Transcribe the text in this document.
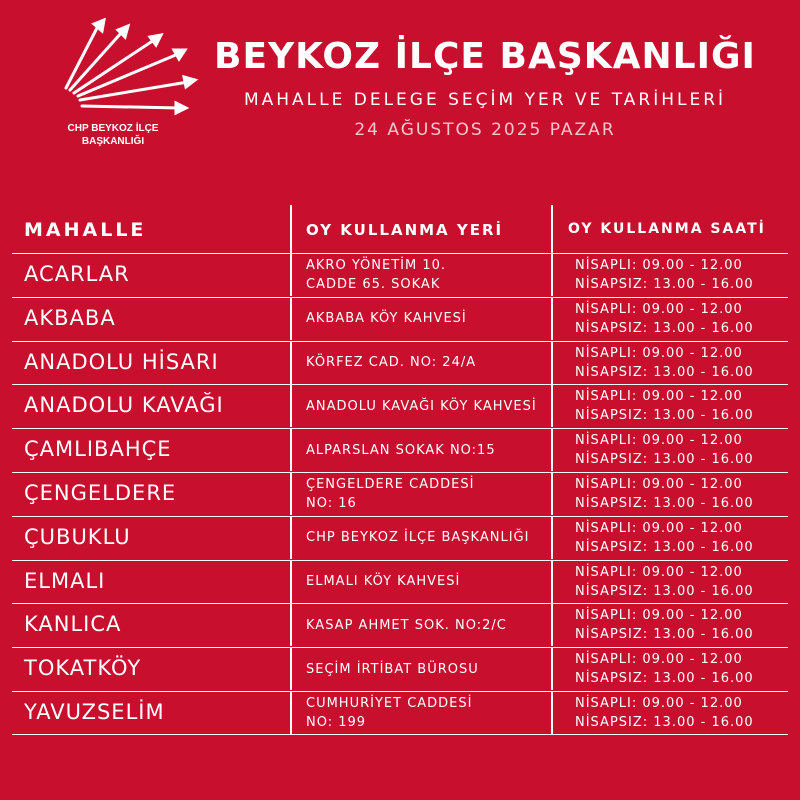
CHP BEYKOZ İLÇE
BAŞKANLIĞI
BEYKOZ İLÇE BAŞKANLIĞI
MAHALLE DELEGE SEÇİM YER VE TARİHLERİ
24 AĞUSTOS 2025 PAZAR
MAHALLE	OY KULLANMA YERİ	OY KULLANMA SAATİ
ACARLAR	AKRO YÖNETİM 10.
CADDE 65. SOKAK
NİSAPLI: 09.00 - 12.00
NİSAPSIZ: 13.00 - 16.00
AKBABA	AKBABA KÖY KAHVESİ
NİSAPLI: 09.00 - 12.00
NİSAPSIZ: 13.00 - 16.00
ANADOLU HİSARI	KÖRFEZ CAD. NO: 24/A
NİSAPLI: 09.00 - 12.00
NİSAPSIZ: 13.00 - 16.00
ANADOLU KAVAĞI	ANADOLU KAVAĞI KÖY KAHVESİ
NİSAPLI: 09.00 - 12.00
NİSAPSIZ: 13.00 - 16.00
ÇAMLIBAHÇE	ALPARSLAN SOKAK NO:15
NİSAPLI: 09.00 - 12.00
NİSAPSIZ: 13.00 - 16.00
ÇENGELDERE	ÇENGELDERE CADDESİ
NO: 16
NİSAPLI: 09.00 - 12.00
NİSAPSIZ: 13.00 - 16.00
ÇUBUKLU	CHP BEYKOZ İLÇE BAŞKANLIĞI
NİSAPLI: 09.00 - 12.00
NİSAPSIZ: 13.00 - 16.00
ELMALI	ELMALI KÖY KAHVESİ
NİSAPLI: 09.00 - 12.00
NİSAPSIZ: 13.00 - 16.00
KANLICA	KASAP AHMET SOK. NO:2/C
NİSAPLI: 09.00 - 12.00
NİSAPSIZ: 13.00 - 16.00
TOKATKÖY	SEÇİM İRTİBAT BÜROSU
NİSAPLI: 09.00 - 12.00
NİSAPSIZ: 13.00 - 16.00
YAVUZSELİM	CUMHURİYET CADDESİ
NO: 199
NİSAPLI: 09.00 - 12.00
NİSAPSIZ: 13.00 - 16.00
